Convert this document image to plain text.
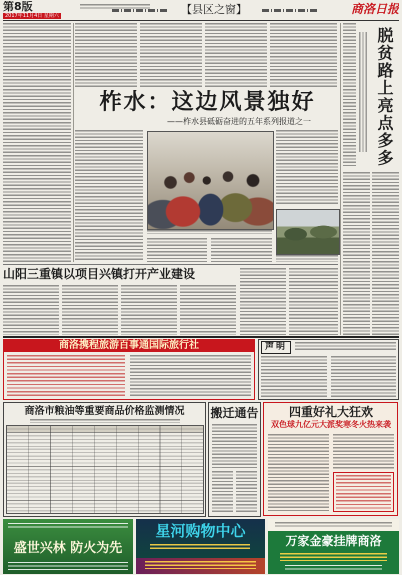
第8版
2017年11月4日 星期六	【县区之窗】	商洛日报
柞水：这边风景独好
——柞水县砥砺奋进的五年系列报道之一	脱贫路上亮点多多
山阳三重镇以项目兴镇打开产业建设
商洛携程旅游百事通国际旅行社	声明
商洛市粮油等重要商品价格监测情况	搬迁通告	四重好礼大狂欢
双色球九亿元大派奖寒冬火热来袭
盛世兴林 防火为先
星河购物中心
万家金豪挂牌商洛
